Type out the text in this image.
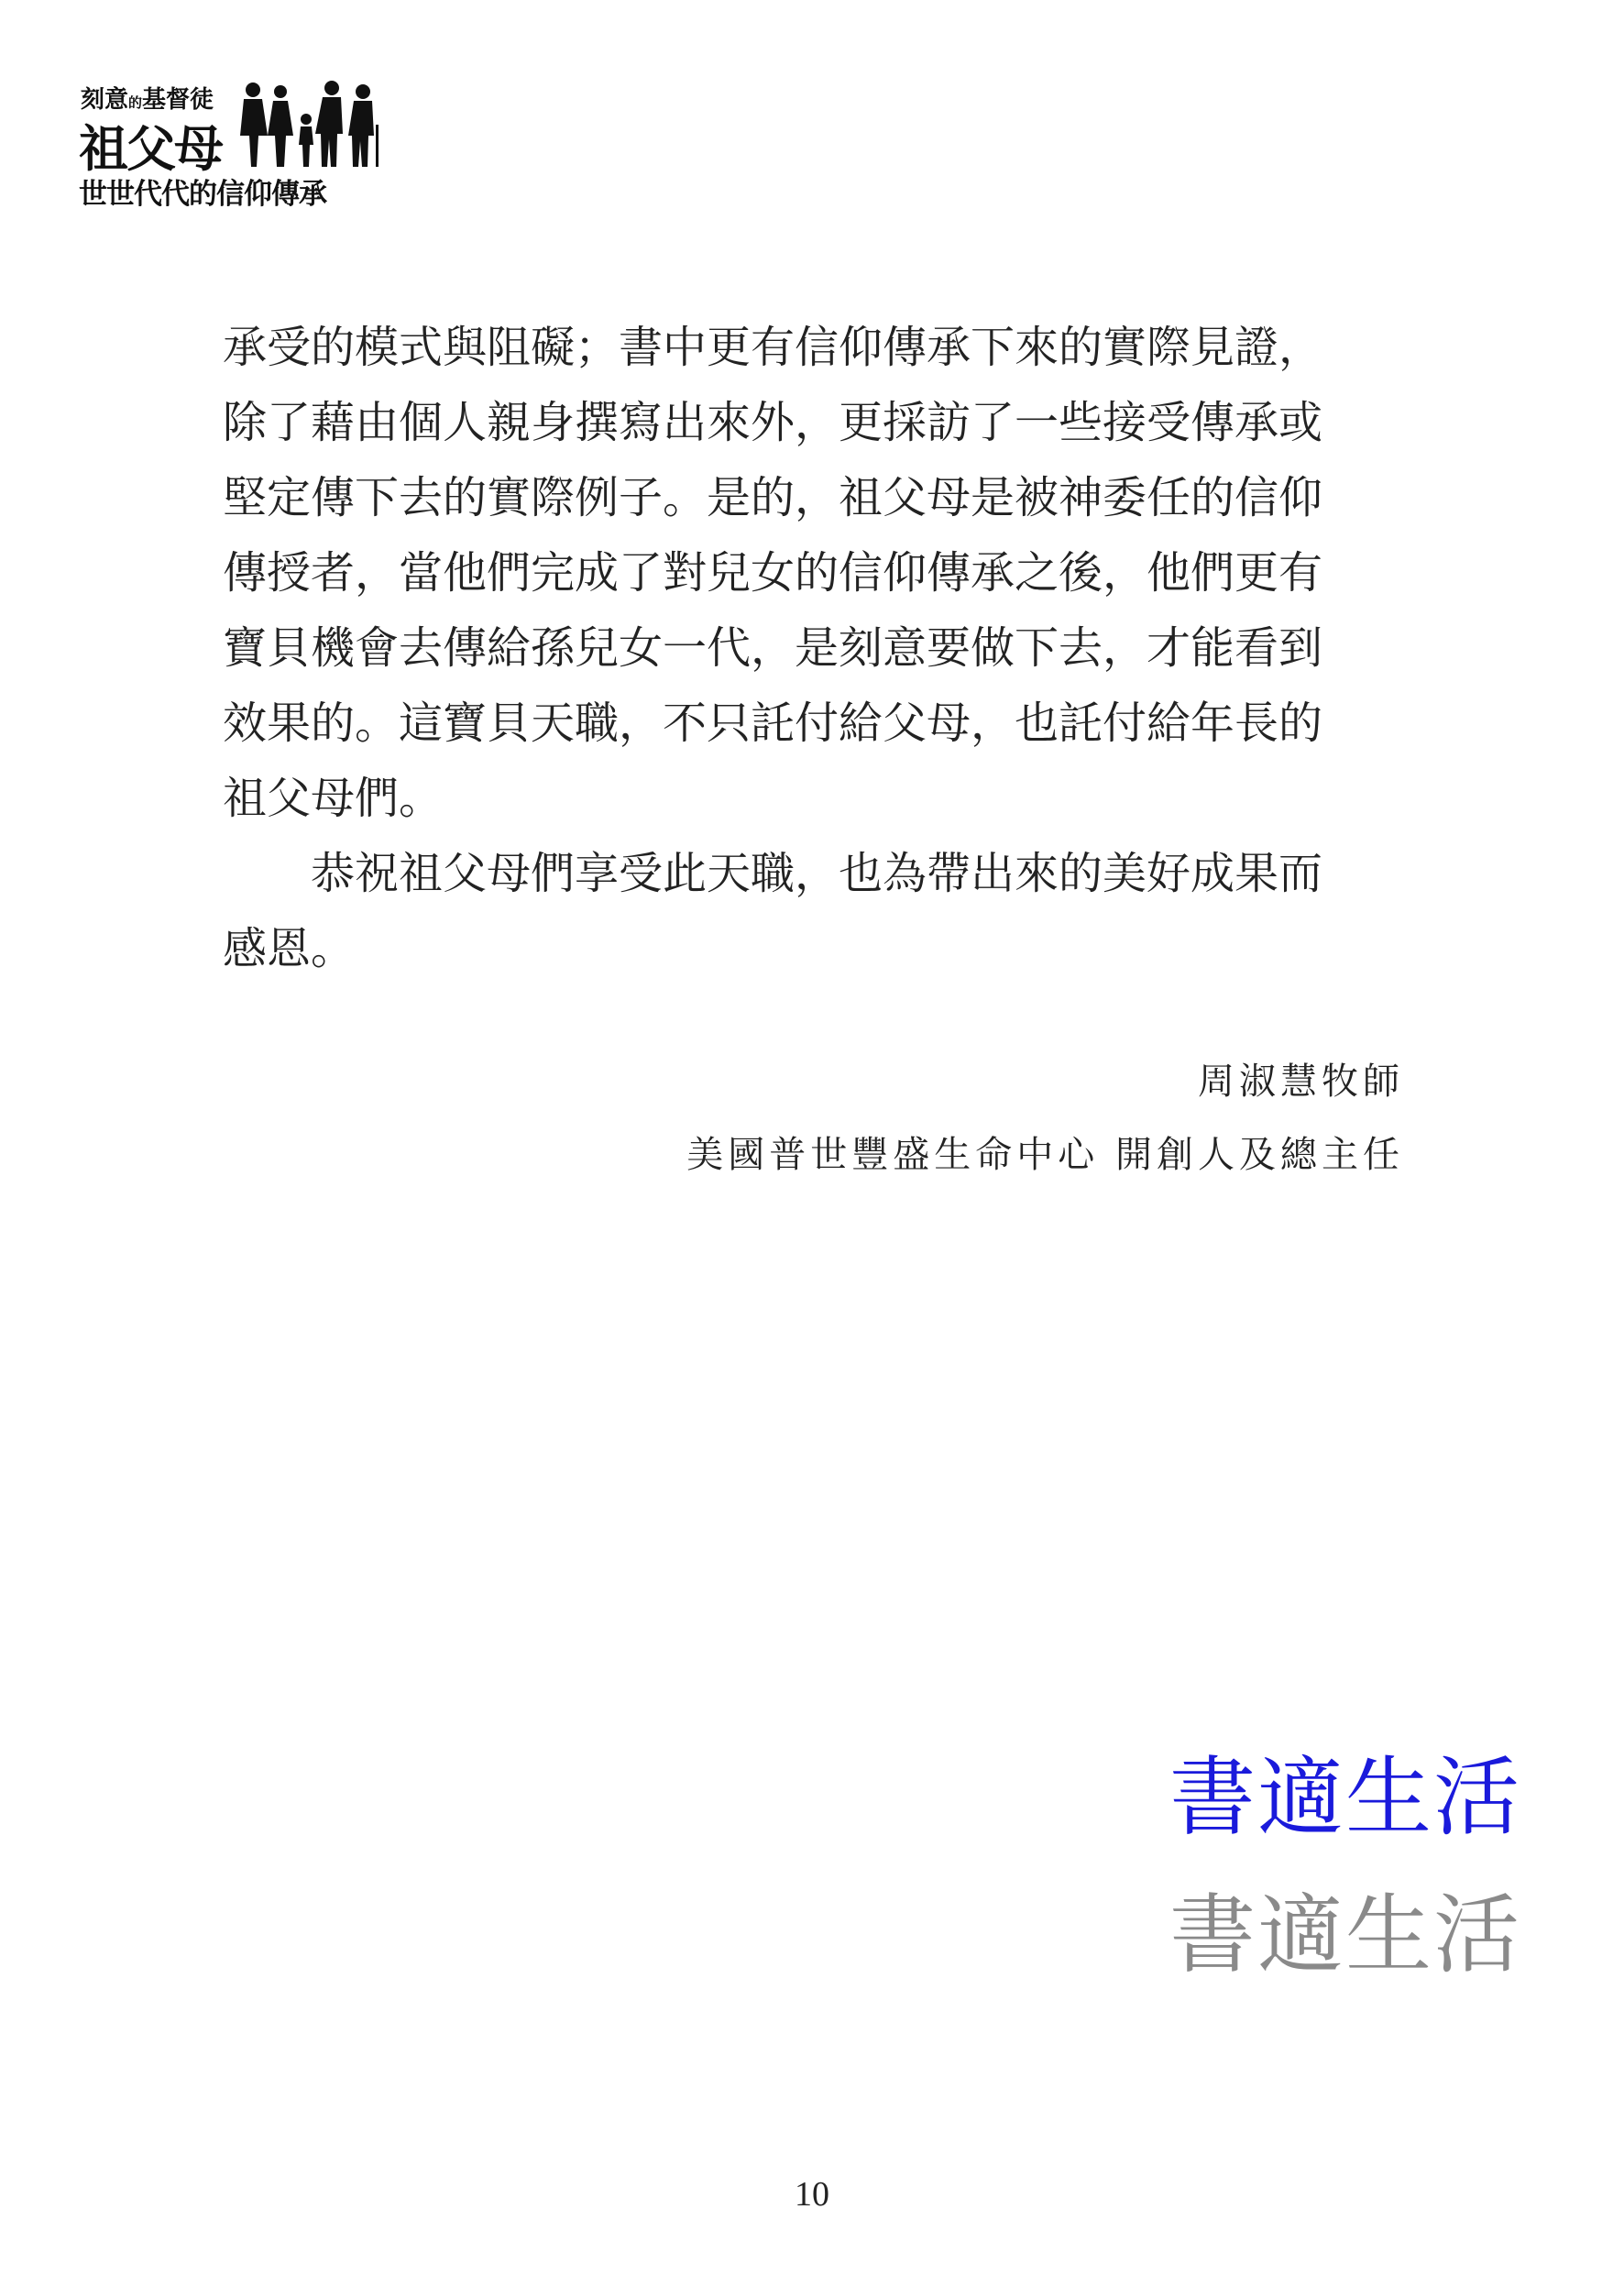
刻意的基督徒
祖父母
世世代代的信仰傳承

承受的模式與阻礙；書中更有信仰傳承下來的實際見證，

除了藉由個人親身撰寫出來外，更採訪了一些接受傳承或

堅定傳下去的實際例子。是的，祖父母是被神委任的信仰

傳授者，當他們完成了對兒女的信仰傳承之後，他們更有

寶貝機會去傳給孫兒女一代，是刻意要做下去，才能看到

效果的。這寶貝天職，不只託付給父母，也託付給年長的

祖父母們。

恭祝祖父母們享受此天職，也為帶出來的美好成果而

感恩。

周淑慧牧師
美國普世豐盛生命中心 開創人及總主任
書適生活
書適生活
10
